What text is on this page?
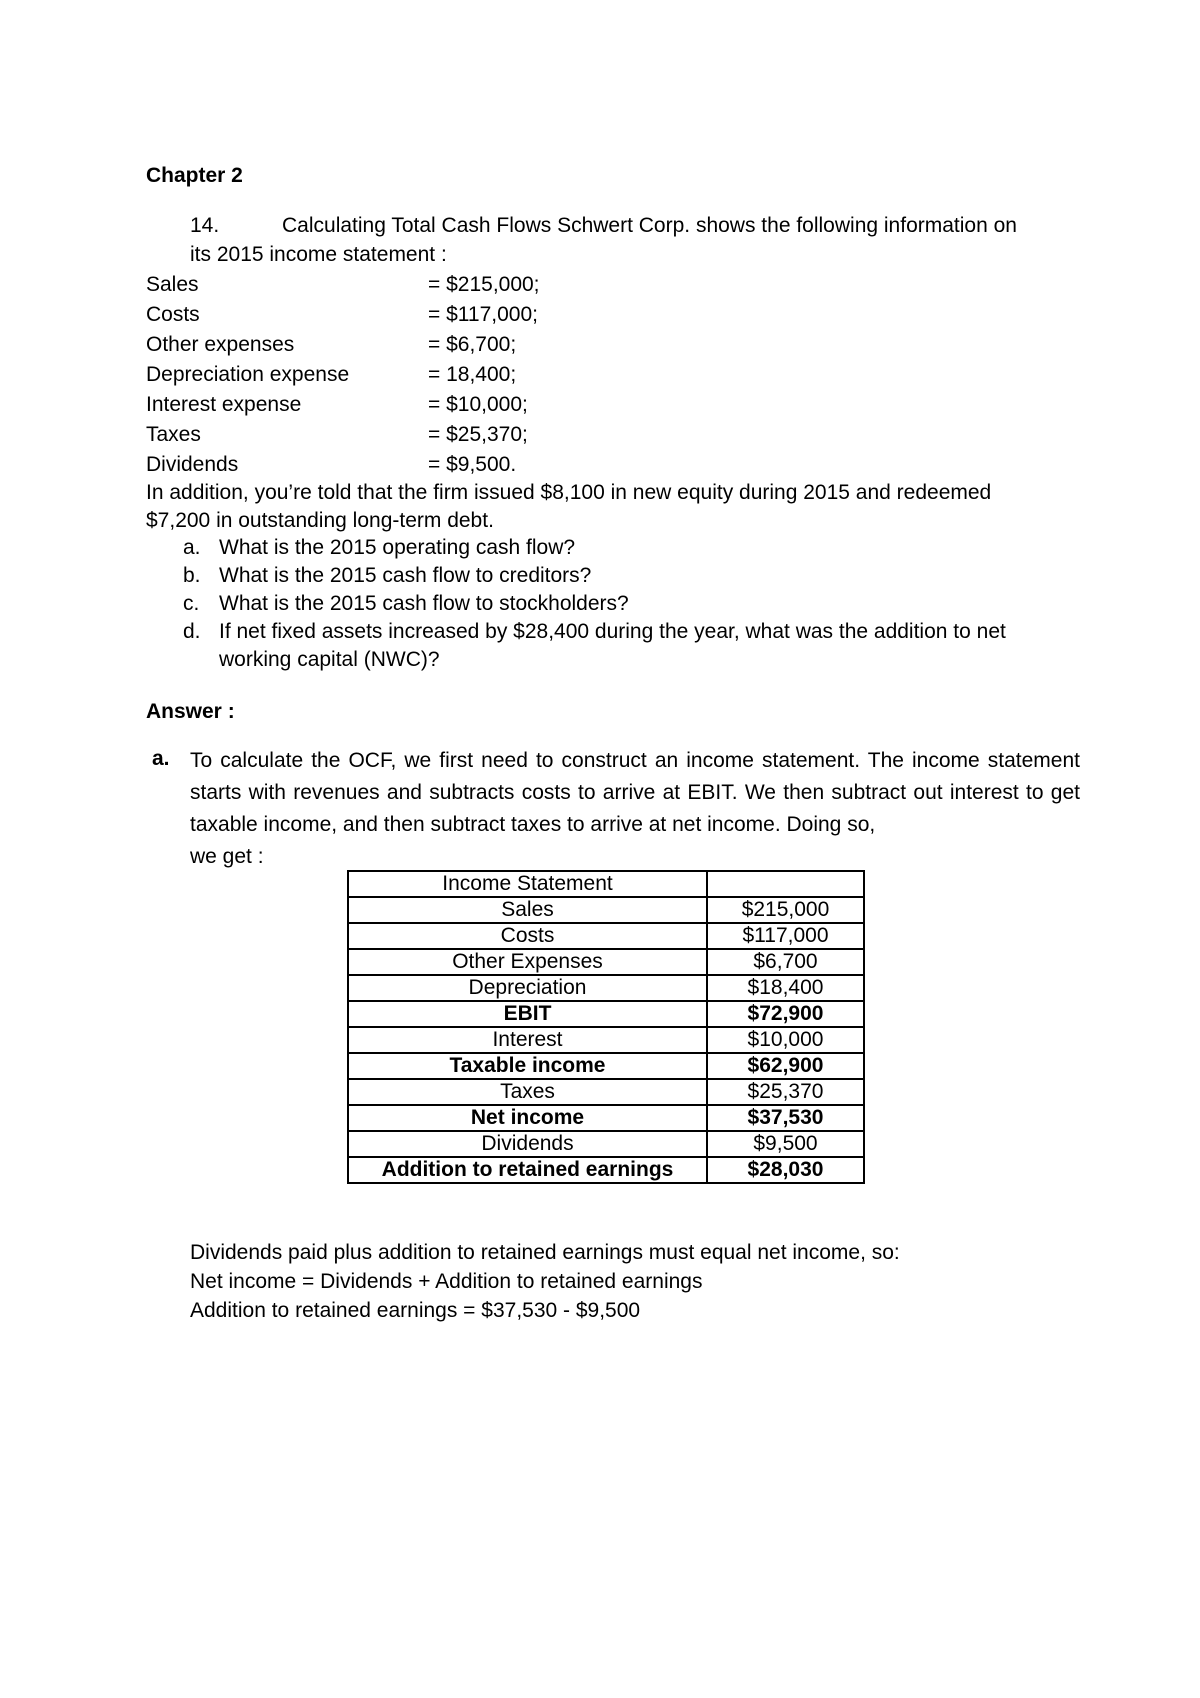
Chapter 2
14.	Calculating Total Cash Flows Schwert Corp. shows the following information on
its 2015 income statement :
Sales	= $215,000;
Costs	= $117,000;
Other expenses	= $6,700;
Depreciation expense	= 18,400;
Interest expense	= $10,000;
Taxes	= $25,370;
Dividends	= $9,500.
In addition, you’re told that the firm issued $8,100 in new equity during 2015 and redeemed
$7,200 in outstanding long-term debt.
a. What is the 2015 operating cash flow?
b. What is the 2015 cash flow to creditors?
c. What is the 2015 cash flow to stockholders?
d. If net fixed assets increased by $28,400 during the year, what was the addition to net
working capital (NWC)?
Answer :
a. To calculate the OCF, we first need to construct an income statement. The income statement starts with revenues and subtracts costs to arrive at EBIT. We then subtract out interest to get taxable income, and then subtract taxes to arrive at net income. Doing so,
we get :
Income Statement	
Sales	$215,000
Costs	$117,000
Other Expenses	$6,700
Depreciation	$18,400
EBIT	$72,900
Interest	$10,000
Taxable income	$62,900
Taxes	$25,370
Net income	$37,530
Dividends	$9,500
Addition to retained earnings	$28,030
Dividends paid plus addition to retained earnings must equal net income, so:
Net income = Dividends + Addition to retained earnings
Addition to retained earnings = $37,530 - $9,500
